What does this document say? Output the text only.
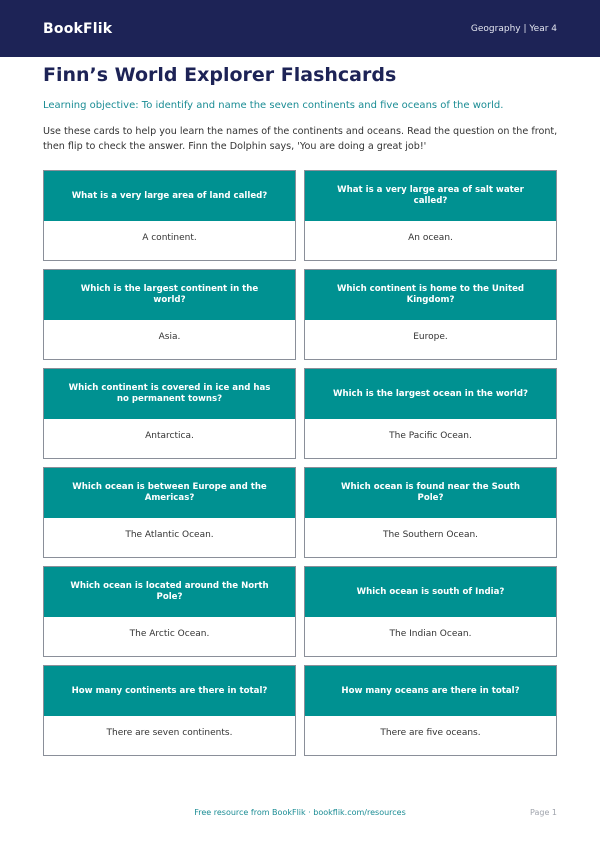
BookFlik	Geography | Year 4
Finn’s World Explorer Flashcards
Learning objective: To identify and name the seven continents and five oceans of the world.
Use these cards to help you learn the names of the continents and oceans. Read the question on the front, then flip to check the answer. Finn the Dolphin says, 'You are doing a great job!'
What is a very large area of land called?
A continent.
What is a very large area of salt water called?
An ocean.
Which is the largest continent in the world?
Asia.
Which continent is home to the United Kingdom?
Europe.
Which continent is covered in ice and has no permanent towns?
Antarctica.
Which is the largest ocean in the world?
The Pacific Ocean.
Which ocean is between Europe and the Americas?
The Atlantic Ocean.
Which ocean is found near the South Pole?
The Southern Ocean.
Which ocean is located around the North Pole?
The Arctic Ocean.
Which ocean is south of India?
The Indian Ocean.
How many continents are there in total?
There are seven continents.
How many oceans are there in total?
There are five oceans.
Free resource from BookFlik · bookflik.com/resources	Page 1
